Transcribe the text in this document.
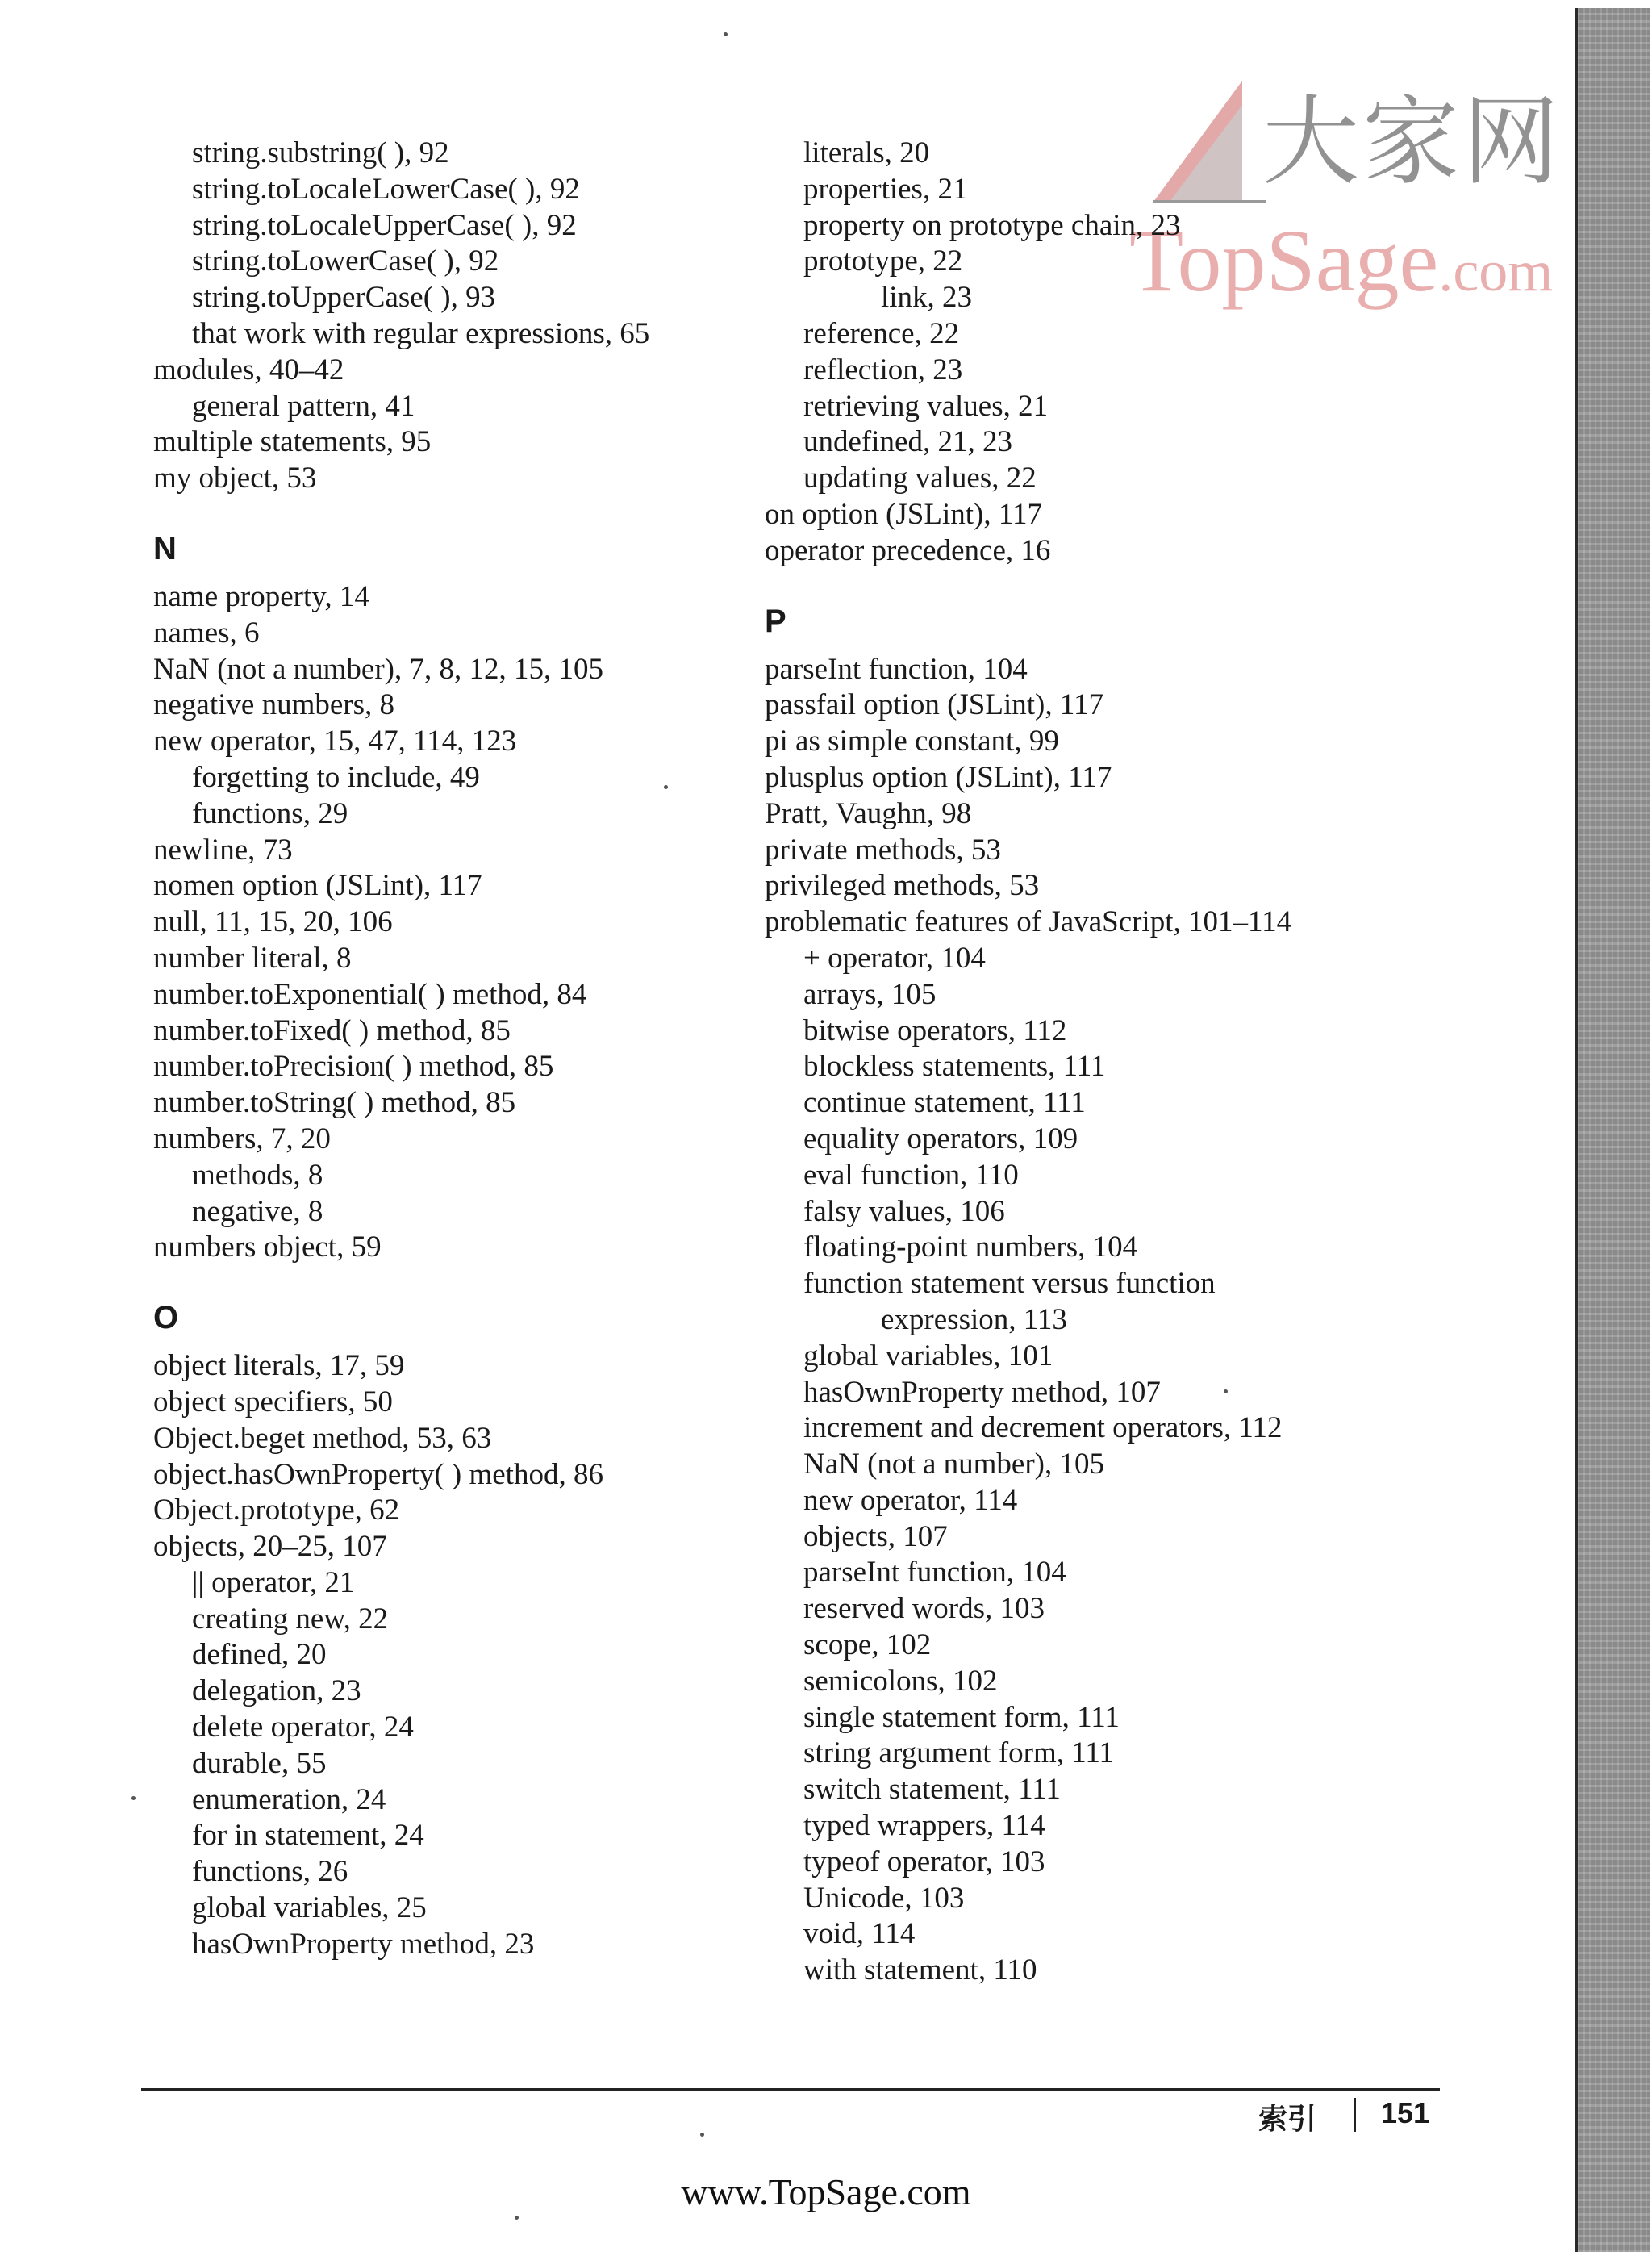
大家网
TopSage.com
string.substring( ), 92
string.toLocaleLowerCase( ), 92
string.toLocaleUpperCase( ), 92
string.toLowerCase( ), 92
string.toUpperCase( ), 93
that work with regular expressions, 65
modules, 40–42
general pattern, 41
multiple statements, 95
my object, 53
N
name property, 14
names, 6
NaN (not a number), 7, 8, 12, 15, 105
negative numbers, 8
new operator, 15, 47, 114, 123
forgetting to include, 49
functions, 29
newline, 73
nomen option (JSLint), 117
null, 11, 15, 20, 106
number literal, 8
number.toExponential( ) method, 84
number.toFixed( ) method, 85
number.toPrecision( ) method, 85
number.toString( ) method, 85
numbers, 7, 20
methods, 8
negative, 8
numbers object, 59
O
object literals, 17, 59
object specifiers, 50
Object.beget method, 53, 63
object.hasOwnProperty( ) method, 86
Object.prototype, 62
objects, 20–25, 107
|| operator, 21
creating new, 22
defined, 20
delegation, 23
delete operator, 24
durable, 55
enumeration, 24
for in statement, 24
functions, 26
global variables, 25
hasOwnProperty method, 23
literals, 20
properties, 21
property on prototype chain, 23
prototype, 22
link, 23
reference, 22
reflection, 23
retrieving values, 21
undefined, 21, 23
updating values, 22
on option (JSLint), 117
operator precedence, 16
P
parseInt function, 104
passfail option (JSLint), 117
pi as simple constant, 99
plusplus option (JSLint), 117
Pratt, Vaughn, 98
private methods, 53
privileged methods, 53
problematic features of JavaScript, 101–114
+ operator, 104
arrays, 105
bitwise operators, 112
blockless statements, 111
continue statement, 111
equality operators, 109
eval function, 110
falsy values, 106
floating-point numbers, 104
function statement versus function
expression, 113
global variables, 101
hasOwnProperty method, 107
increment and decrement operators, 112
NaN (not a number), 105
new operator, 114
objects, 107
parseInt function, 104
reserved words, 103
scope, 102
semicolons, 102
single statement form, 111
string argument form, 111
switch statement, 111
typed wrappers, 114
typeof operator, 103
Unicode, 103
void, 114
with statement, 110
索引 151
www.TopSage.com
